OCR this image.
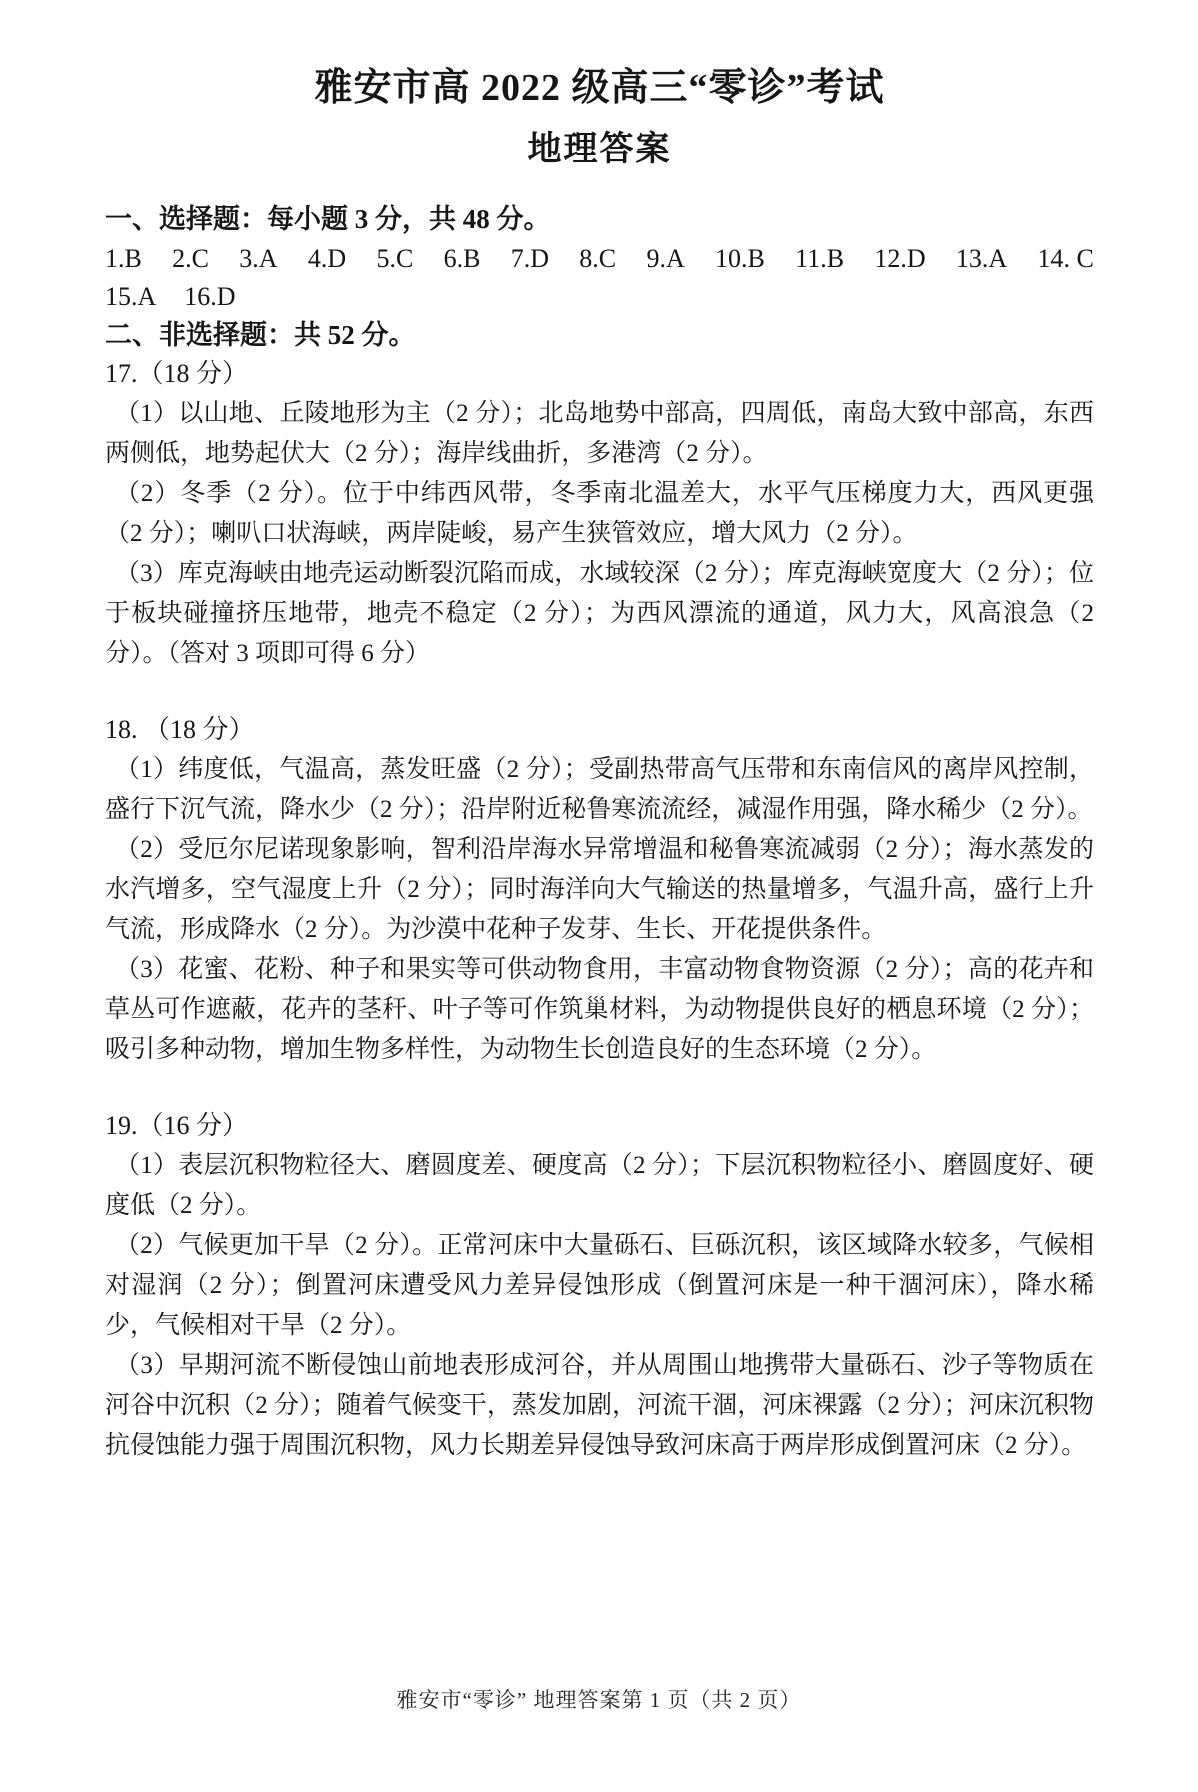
雅安市高 2022 级高三“零诊”考试
地理答案

一、选择题：每小题 3 分，共 48 分。

1.B 2.C 3.A 4.D 5.C 6.B 7.D 8.C 9.A 10.B 11.B 12.D 13.A 14. C
15.A 16.D

二、非选择题：共 52 分。

17.（18 分）

（1）以山地、丘陵地形为主（2 分）；北岛地势中部高，四周低，南岛大致中部高，东西两侧低，地势起伏大（2 分）；海岸线曲折，多港湾（2 分）。

（2）冬季（2 分）。位于中纬西风带，冬季南北温差大，水平气压梯度力大，西风更强（2 分）；喇叭口状海峡，两岸陡峻，易产生狭管效应，增大风力（2 分）。

（3）库克海峡由地壳运动断裂沉陷而成，水域较深（2 分）；库克海峡宽度大（2 分）；位于板块碰撞挤压地带，地壳不稳定（2 分）；为西风漂流的通道，风力大，风高浪急（2 分）。（答对 3 项即可得 6 分）

18. （18 分）

（1）纬度低，气温高，蒸发旺盛（2 分）；受副热带高气压带和东南信风的离岸风控制，盛行下沉气流，降水少（2 分）；沿岸附近秘鲁寒流流经，减湿作用强，降水稀少（2 分）。

（2）受厄尔尼诺现象影响，智利沿岸海水异常增温和秘鲁寒流减弱（2 分）；海水蒸发的水汽增多，空气湿度上升（2 分）；同时海洋向大气输送的热量增多，气温升高，盛行上升气流，形成降水（2 分）。为沙漠中花种子发芽、生长、开花提供条件。

（3）花蜜、花粉、种子和果实等可供动物食用，丰富动物食物资源（2 分）；高的花卉和草丛可作遮蔽，花卉的茎秆、叶子等可作筑巢材料，为动物提供良好的栖息环境（2 分）；吸引多种动物，增加生物多样性，为动物生长创造良好的生态环境（2 分）。

19.（16 分）

（1）表层沉积物粒径大、磨圆度差、硬度高（2 分）；下层沉积物粒径小、磨圆度好、硬度低（2 分）。

（2）气候更加干旱（2 分）。正常河床中大量砾石、巨砾沉积，该区域降水较多，气候相对湿润（2 分）；倒置河床遭受风力差异侵蚀形成（倒置河床是一种干涸河床），降水稀少，气候相对干旱（2 分）。

（3）早期河流不断侵蚀山前地表形成河谷，并从周围山地携带大量砾石、沙子等物质在河谷中沉积（2 分）；随着气候变干，蒸发加剧，河流干涸，河床裸露（2 分）；河床沉积物抗侵蚀能力强于周围沉积物，风力长期差异侵蚀导致河床高于两岸形成倒置河床（2 分）。

雅安市“零诊” 地理答案第 1 页（共 2 页）
